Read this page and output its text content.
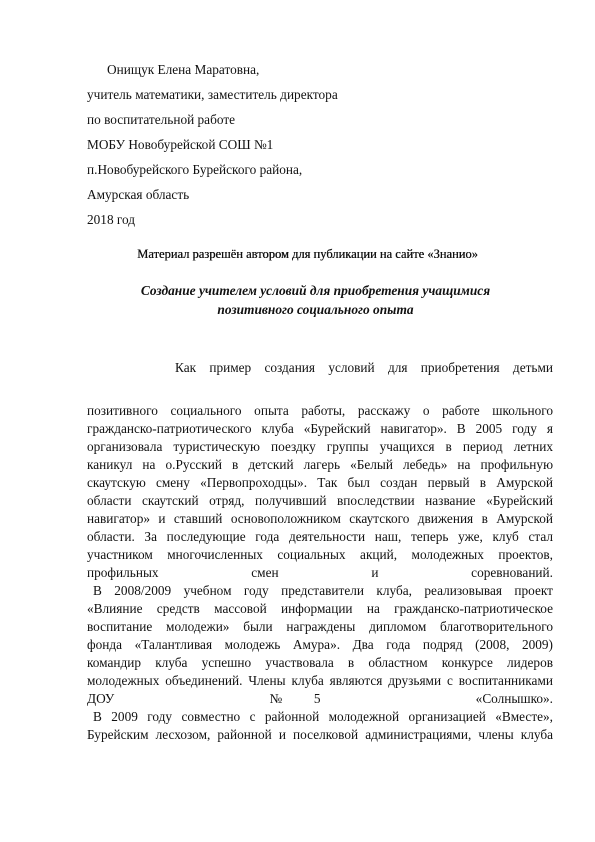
Онищук Елена Маратовна,
учитель математики, заместитель директора
по воспитательной работе
МОБУ Новобурейской СОШ №1
п.Новобурейского Бурейского района,
Амурская область
2018 год
Материал разрешён автором для публикации на сайте «Знанио»
Создание учителем условий для приобретения учащимися
позитивного социального опыта
Как пример создания условий для приобретения детьми

позитивного социального опыта работы, расскажу о работе школьного

гражданско-патриотического клуба «Бурейский навигатор». В 2005 году я

организовала туристическую поездку группы учащихся в период летних

каникул на о.Русский в детский лагерь «Белый лебедь» на профильную

скаутскую смену «Первопроходцы». Так был создан первый в Амурской

области скаутский отряд, получивший впоследствии название «Бурейский

навигатор» и ставший основоположником скаутского движения в Амурской

области. За последующие года деятельности наш, теперь уже, клуб стал

участником многочисленных социальных акций, молодежных проектов,

профильных смен и соревнований.

В 2008/2009 учебном году представители клуба, реализовывая проект

«Влияние средств массовой информации на гражданско-патриотическое

воспитание молодежи» были награждены дипломом благотворительного

фонда «Талантливая молодежь Амура». Два года подряд (2008, 2009)

командир клуба успешно участвовала в областном конкурсе лидеров

молодежных объединений. Члены клуба являются друзьями с воспитанниками

ДОУ №5 «Солнышко».

В 2009 году совместно с районной молодежной организацией «Вместе»,

Бурейским лесхозом, районной и поселковой администрациями, члены клуба
